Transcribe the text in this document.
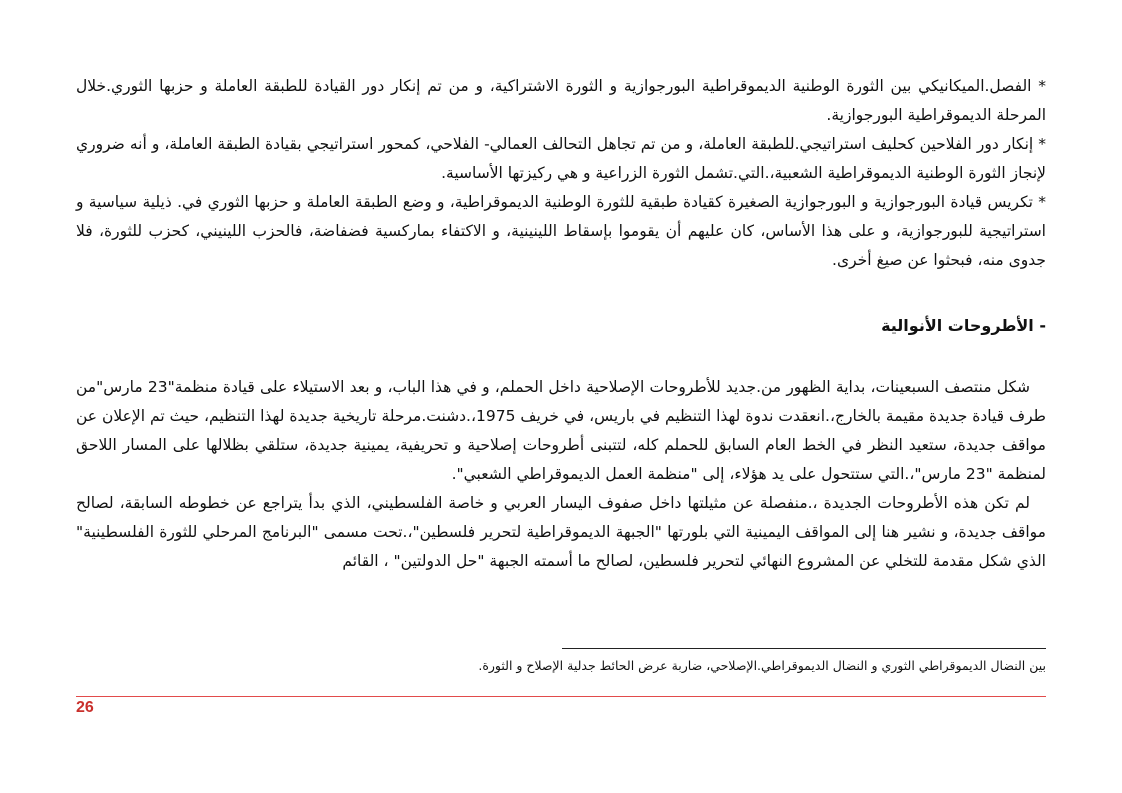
* الفصل.الميكانيكي بين الثورة الوطنية الديموقراطية البورجوازية و الثورة الاشتراكية، و من تم إنكار دور القيادة للطبقة العاملة و حزبها الثوري.خلال المرحلة الديموقراطية البورجوازية.

* إنكار دور الفلاحين كحليف استراتيجي.للطبقة العاملة، و من تم تجاهل التحالف العمالي- الفلاحي، كمحور استراتيجي بقيادة الطبقة العاملة، و أنه ضروري لإنجاز الثورة الوطنية الديموقراطية الشعبية،.التي.تشمل الثورة الزراعية و هي ركيزتها الأساسية.

* تكريس قيادة البورجوازية و البورجوازية الصغيرة كقيادة طبقية للثورة الوطنية الديموقراطية، و وضع الطبقة العاملة و حزبها الثوري في. ذيلية سياسية و استراتيجية للبورجوازية، و على هذا الأساس، كان عليهم أن يقوموا بإسقاط اللينينية، و الاكتفاء بماركسية فضفاضة، فالحزب اللينيني، كحزب للثورة، فلا جدوى منه، فبحثوا عن صيغ أخرى.

- الأطروحات الأنوالية

شكل منتصف السبعينات، بداية الظهور من.جديد للأطروحات الإصلاحية داخل الحملم، و في هذا الباب، و بعد الاستيلاء على قيادة منظمة"23 مارس"من طرف قيادة جديدة مقيمة بالخارج،.انعقدت ندوة لهذا التنظيم في باريس، في خريف 1975،.دشنت.مرحلة تاريخية جديدة لهذا التنظيم، حيث تم الإعلان عن مواقف جديدة، ستعيد النظر في الخط العام السابق للحملم كله، لتتبنى أطروحات إصلاحية و تحريفية، يمينية جديدة، ستلقي بظلالها على المسار اللاحق لمنظمة "23 مارس"،.التي ستتحول على يد هؤلاء، إلى "منظمة العمل الديموقراطي الشعبي".

لم تكن هذه الأطروحات الجديدة ،.منفصلة عن مثيلتها داخل صفوف اليسار العربي و خاصة الفلسطيني، الذي بدأ يتراجع عن خطوطه السابقة، لصالح مواقف جديدة، و نشير هنا إلى المواقف اليمينية التي بلورتها "الجبهة الديموقراطية لتحرير فلسطين"،.تحت مسمى "البرنامج المرحلي للثورة الفلسطينية" الذي شكل مقدمة للتخلي عن المشروع النهائي لتحرير فلسطين، لصالح ما أسمته الجبهة "حل الدولتين" ، القائم

بين النضال الديموقراطي الثوري و النضال الديموقراطي.الإصلاحي، ضاربة عرض الحائط جدلية الإصلاح و الثورة.
26
